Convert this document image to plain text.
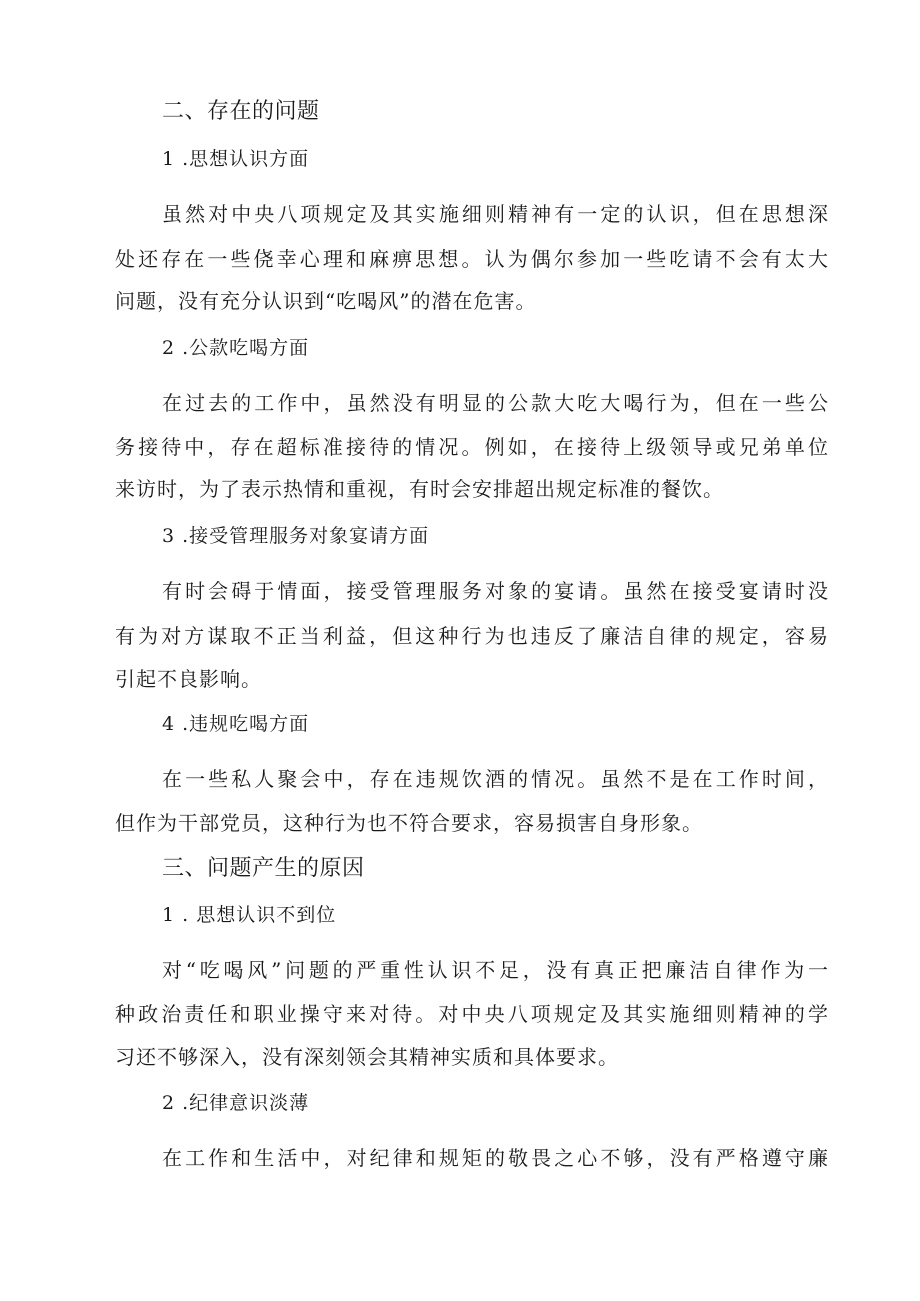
二、存在的问题
1 .思想认识方面
虽然对中央八项规定及其实施细则精神有一定的认识，但在思想深
处还存在一些侥幸心理和麻痹思想。认为偶尔参加一些吃请不会有太大
问题，没有充分认识到“吃喝风”的潜在危害。
2 .公款吃喝方面
在过去的工作中，虽然没有明显的公款大吃大喝行为，但在一些公
务接待中，存在超标准接待的情况。例如，在接待上级领导或兄弟单位
来访时，为了表示热情和重视，有时会安排超出规定标准的餐饮。
3 .接受管理服务对象宴请方面
有时会碍于情面，接受管理服务对象的宴请。虽然在接受宴请时没
有为对方谋取不正当利益，但这种行为也违反了廉洁自律的规定，容易
引起不良影响。
4 .违规吃喝方面
在一些私人聚会中，存在违规饮酒的情况。虽然不是在工作时间，
但作为干部党员，这种行为也不符合要求，容易损害自身形象。
三、问题产生的原因
1 . 思想认识不到位
对“吃喝风”问题的严重性认识不足，没有真正把廉洁自律作为一
种政治责任和职业操守来对待。对中央八项规定及其实施细则精神的学
习还不够深入，没有深刻领会其精神实质和具体要求。
2 .纪律意识淡薄
在工作和生活中，对纪律和规矩的敬畏之心不够，没有严格遵守廉
